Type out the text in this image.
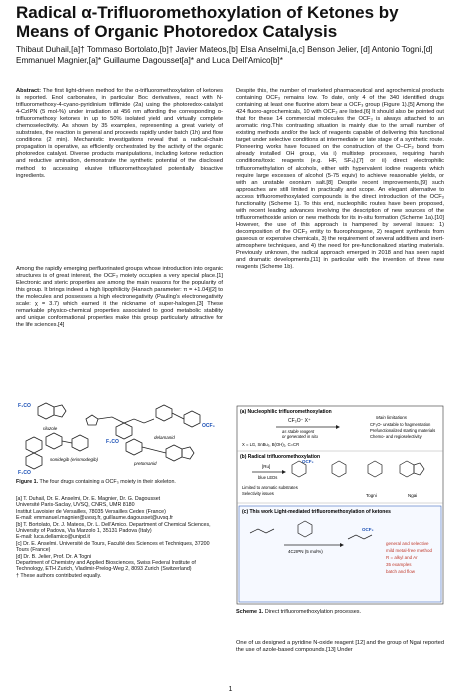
Radical α-Trifluoromethoxylation of Ketones by Means of Organic Photoredox Catalysis
Thibaut Duhail,[a]† Tommaso Bortolato,[b]† Javier Mateos,[b] Elsa Anselmi,[a,c] Benson Jelier, [d] Antonio Togni,[d] Emmanuel Magnier,[a]* Guillaume Dagousset[a]* and Luca Dell'Amico[b]*
Abstract: The first light-driven method for the α-trifluoromethoxylation of ketones is reported. Enol carbonates, in particular Boc derivatives, react with N-trifluoromethoxy-4-cyano-pyridinium triflimide (2a) using the photoredox-catalyst 4-CzIPN (5 mol-%) under irradiation at 456 nm affording the corresponding α-trifluoromethoxy ketones in up to 50% isolated yield and virtually complete chemoselectivity. As shown by 35 examples, representing a great variety of substrates, the reaction is general and proceeds rapidly under batch (1h) and flow conditions (2 min). Mechanistic investigations reveal that a radical-chain propagation is operative, as efficiently orchestrated by the activity of the organic photoredox catalyst. Diverse products manipulations, including ketone reduction and reductive amination, demonstrate the synthetic potential of the disclosed method to accessing elusive trifluoromethoxylated potentially bioactive ingredients.
Among the rapidly emerging perfluorinated groups whose introduction into organic structures is of great interest, the OCF₃ moiety occupies a very special place.[1] Electronic and steric properties are among the main reasons for the popularity of this group. It brings indeed a high lipophilicity (Hansch parameter: π = +1.04)[2] to the molecules and possesses a high electronegativity (Pauling's electronegativity scale: χ = 3.7) which earned it the nickname of super-halogen.[3] These remarkable physico-chemical properties associated to good metabolic stability and unique conformational properties make this group particularly attractive for the life sciences.[4]
F₃CO
riluzole	OCF₃
delamanid
sonidegib (erismodegib)
F₃CO
F₃CO
pretomanid
Figure 1. The four drugs containing a OCF₃ moiety in their skeleton.
[a] T. Duhail, Dr. E. Anselmi, Dr. E. Magnier, Dr. G. Dagousset
Université Paris-Saclay, UVSQ, CNRS, UMR 8180
Institut Lavoisier de Versailles, 78035 Versailles Cedex (France)
E-mail: emmanuel.magnier@uvsq.fr, guillaume.dagousset@uvsq.fr
[b] T. Bortolato, Dr. J. Mateos, Dr. L. Dell'Amico. Department of Chemical Sciences, University of Padova, Via Marzolo 1, 35131 Padova (Italy)
E-mail: luca.dellamico@unipd.it
[c] Dr. E. Anselmi. Université de Tours, Faculté des Sciences et Techniques, 37200 Tours (France)
[d] Dr. B. Jelier, Prof. Dr. A Togni
Department of Chemistry and Applied Biosciences, Swiss Federal Institute of Technology, ETH Zurich, Vladimir-Prelog-Weg 2, 8093 Zurich (Switzerland)
† These authors contributed equally.
Despite this, the number of marketed pharmaceutical and agrochemical products containing OCF₃ remains low. To date, only 4 of the 340 identified drugs containing at least one fluorine atom bear a OCF₃ group (Figure 1).[5] Among the 424 fluoro-agrochemicals, 10 with OCF₃ are listed.[6] It should also be pointed out that for these 14 commercial molecules the OCF₃ is always attached to an aromatic ring.This contrasting situation is mainly due to the small number of existing methods and/or the lack of reagents capable of delivering this functional target under selective conditions at intermediate or late stage of a synthetic route. Pioneering works have focused on the construction of the O–CF₃ bond from already installed OH group, via i) multistep processes, requiring harsh conditions/toxic reagents (e.g. HF, SF₄),[7] or ii) direct electrophilic trifluoromethylation of alcohols, either with hypervalent iodine reagents which require large excesses of alcohol (5-75 equiv) to achieve reasonable yields, or with an unstable oxonium salt.[8] Despite recent improvements,[9] such approaches are still limited in practically and scope. An elegant alternative to access trifluoromethoxylated compounds is the direct introduction of the OCF₃ functionality (Scheme 1). To this end, nucleophilic routes have been proposed, with recent leading advances involving the description of new sources of the trifluoromethoxide anion or new methods for its in-situ formation (Scheme 1a).[10] However, the use of this approach is hampered by several issues: 1) decomposition of the OCF₃ entity to fluorophosgene, 2) reagent synthesis from gaseous or expensive chemicals, 3) the requirement of several additives and inert-atmosphere techniques, and 4) the need for pre-functionalized starting materials. Previously unknown, the radical approach emerged in 2018 and has seen rapid and dramatic developments,[11] in particular with the invention of three new reagents (Scheme 1b).
(a) Nucleophilic trifluoromethoxylation
CF₃O⁻ X⁺
as stable reagent
or generated in situ
X = LG, SnBu₃, B(OH)₂, C=CR
Main limitations
CF₃O- unstable to fragmentation
Prefunctionalized starting materials
Chemo- and regioselectivity
(b) Radical trifluoromethoxylation
[Ru]
blue LEDs
OCF₃
Limited to aromatic substrates
Selectivity issues	Togni	Ngai
(c) This work Light-mediated trifluoromethoxylation of ketones
4CzIPN (5 mol%)
OCF₃
general and selective
mild metal-free method
R = alkyl and Ar
35 examples
batch and flow
Scheme 1. Direct trifluoromethoxylation processes.
One of us designed a pyridine N-oxide reagent [12] and the group of Ngai reported the use of azole-based compounds.[13] Under
1
